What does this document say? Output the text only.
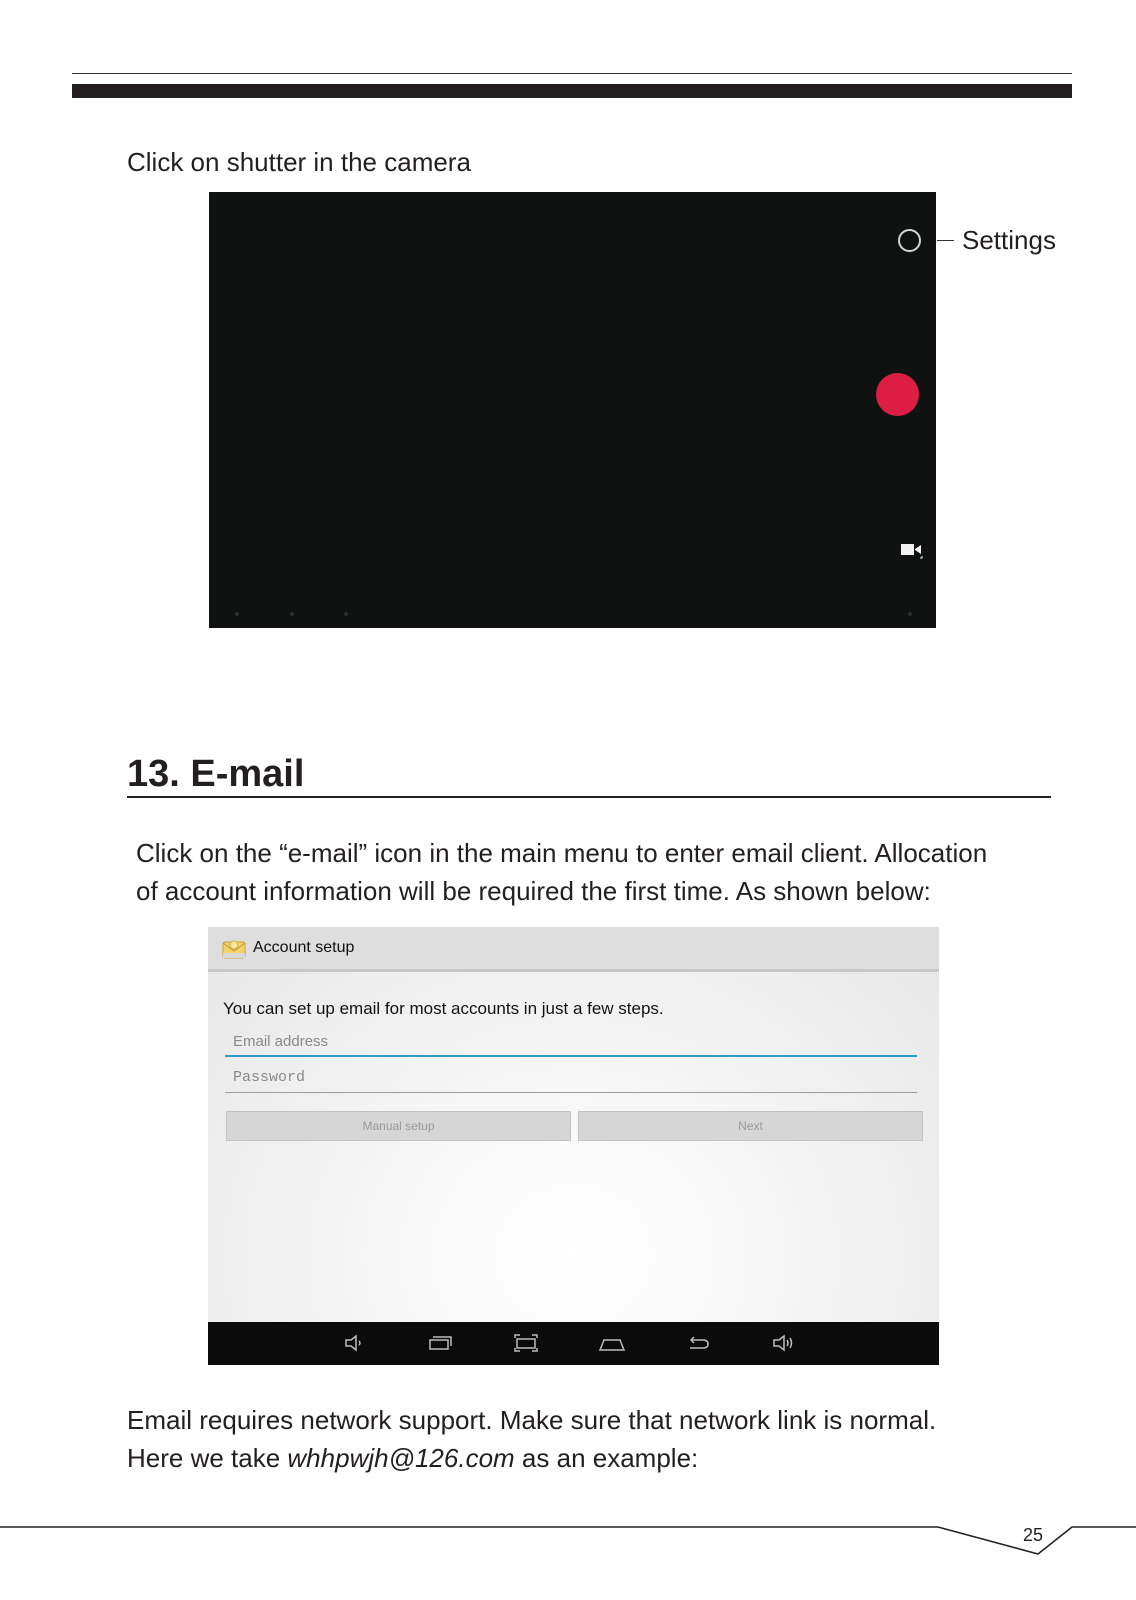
Click on shutter in the camera
Settings
13. E-mail
Click on the “e-mail” icon in the main menu to enter email client. Allocation
of account information will be required the first time. As shown below:
Account setup
You can set up email for most accounts in just a few steps.
Email address
Password
Manual setup	Next
Email requires network support. Make sure that network link is normal.
Here we take whhpwjh@126.com as an example:
25
